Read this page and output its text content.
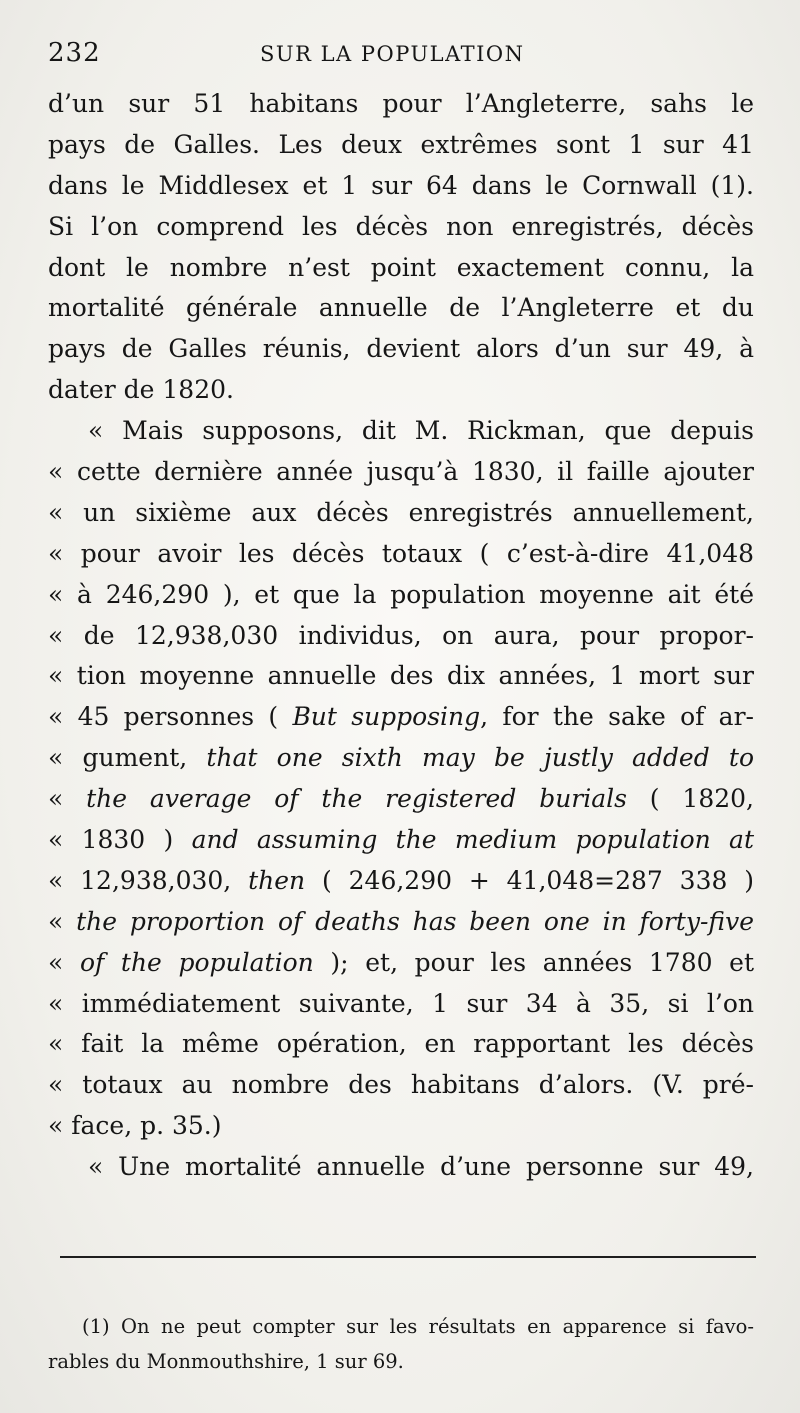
232	SUR LA POPULATION
d’un sur 51 habitans pour l’Angleterre, sahs le
pays de Galles. Les deux extrêmes sont 1 sur 41
dans le Middlesex et 1 sur 64 dans le Cornwall (1).
Si l’on comprend les décès non enregistrés, décès
dont le nombre n’est point exactement connu, la
mortalité générale annuelle de l’Angleterre et du
pays de Galles réunis, devient alors d’un sur 49, à
dater de 1820.
« Mais supposons, dit M. Rickman, que depuis
« cette dernière année jusqu’à 1830, il faille ajouter
« un sixième aux décès enregistrés annuellement,
« pour avoir les décès totaux ( c’est-à-dire 41,048
« à 246,290 ), et que la population moyenne ait été
« de 12,938,030 individus, on aura, pour propor-
« tion moyenne annuelle des dix années, 1 mort sur
« 45 personnes ( But supposing, for the sake of ar-
« gument, that one sixth may be justly added to
« the average of the registered burials ( 1820,
« 1830 ) and assuming the medium population at
« 12,938,030, then ( 246,290 + 41,048=287 338 )
« the proportion of deaths has been one in forty-five
« of the population ); et, pour les années 1780 et
« immédiatement suivante, 1 sur 34 à 35, si l’on
« fait la même opération, en rapportant les décès
« totaux au nombre des habitans d’alors. (V. pré-
« face, p. 35.)
« Une mortalité annuelle d’une personne sur 49,
(1) On ne peut compter sur les résultats en apparence si favo-
rables du Monmouthshire, 1 sur 69.
